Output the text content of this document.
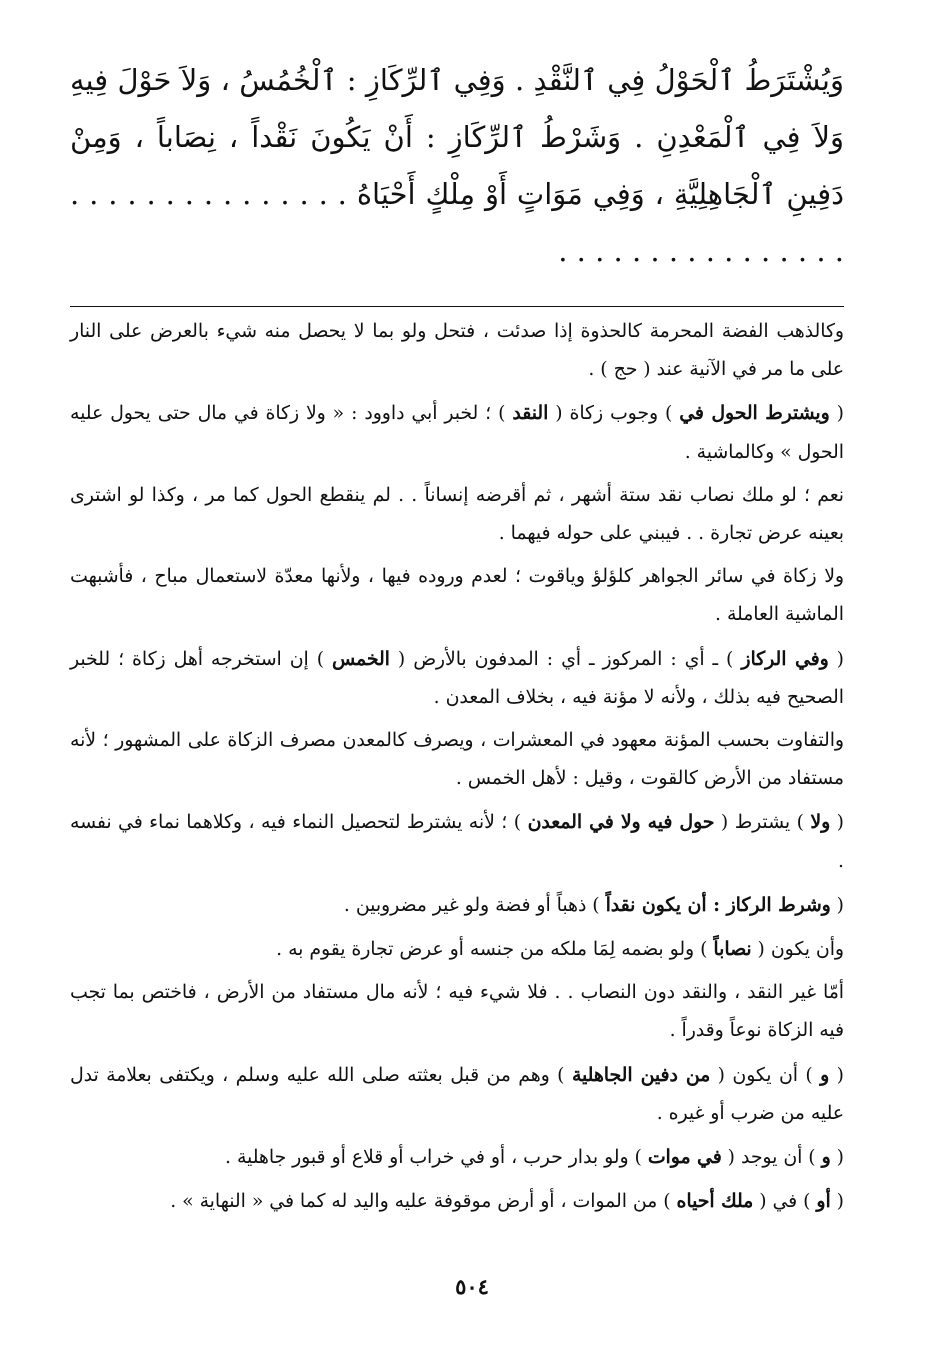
وَيُشْتَرَطُ ٱلْحَوْلُ فِي ٱلنَّقْدِ . وَفِي ٱلرِّكَازِ : ٱلْخُمُسُ ، وَلاَ حَوْلَ فِيهِ وَلاَ فِي ٱلْمَعْدِنِ . وَشَرْطُ ٱلرِّكَازِ : أَنْ يَكُونَ نَقْداً ، نِصَاباً ، وَمِنْ دَفِينِ ٱلْجَاهِلِيَّةِ ، وَفِي مَوَاتٍ أَوْ مِلْكٍ أَحْيَاهُ . . . . . . . . . . . . . . . . . . . . . . . . . . . . . . .

وكالذهب الفضة المحرمة كالحذوة إذا صدئت ، فتحل ولو بما لا يحصل منه شيء بالعرض على النار على ما مر في الآنية عند ( حج ) .

( ويشترط الحول في ) وجوب زكاة ( النقد ) ؛ لخبر أبي داوود : « ولا زكاة في مال حتى يحول عليه الحول » وكالماشية .

نعم ؛ لو ملك نصاب نقد ستة أشهر ، ثم أقرضه إنساناً . . لم ينقطع الحول كما مر ، وكذا لو اشترى بعينه عرض تجارة . . فيبني على حوله فيهما .

ولا زكاة في سائر الجواهر كلؤلؤ وياقوت ؛ لعدم وروده فيها ، ولأنها معدّة لاستعمال مباح ، فأشبهت الماشية العاملة .

( وفي الركاز ) ـ أي : المركوز ـ أي : المدفون بالأرض ( الخمس ) إن استخرجه أهل زكاة ؛ للخبر الصحيح فيه بذلك ، ولأنه لا مؤنة فيه ، بخلاف المعدن .

والتفاوت بحسب المؤنة معهود في المعشرات ، ويصرف كالمعدن مصرف الزكاة على المشهور ؛ لأنه مستفاد من الأرض كالقوت ، وقيل : لأهل الخمس .

( ولا ) يشترط ( حول فيه ولا في المعدن ) ؛ لأنه يشترط لتحصيل النماء فيه ، وكلاهما نماء في نفسه .

( وشرط الركاز : أن يكون نقداً ) ذهباً أو فضة ولو غير مضروبين .

وأن يكون ( نصاباً ) ولو بضمه لِمَا ملكه من جنسه أو عرض تجارة يقوم به .

أمّا غير النقد ، والنقد دون النصاب . . فلا شيء فيه ؛ لأنه مال مستفاد من الأرض ، فاختص بما تجب فيه الزكاة نوعاً وقدراً .

( و ) أن يكون ( من دفين الجاهلية ) وهم من قبل بعثته صلى الله عليه وسلم ، ويكتفى بعلامة تدل عليه من ضرب أو غيره .

( و ) أن يوجد ( في موات ) ولو بدار حرب ، أو في خراب أو قلاع أو قبور جاهلية .

( أو ) في ( ملك أحياه ) من الموات ، أو أرض موقوفة عليه واليد له كما في « النهاية » .

٥٠٤
